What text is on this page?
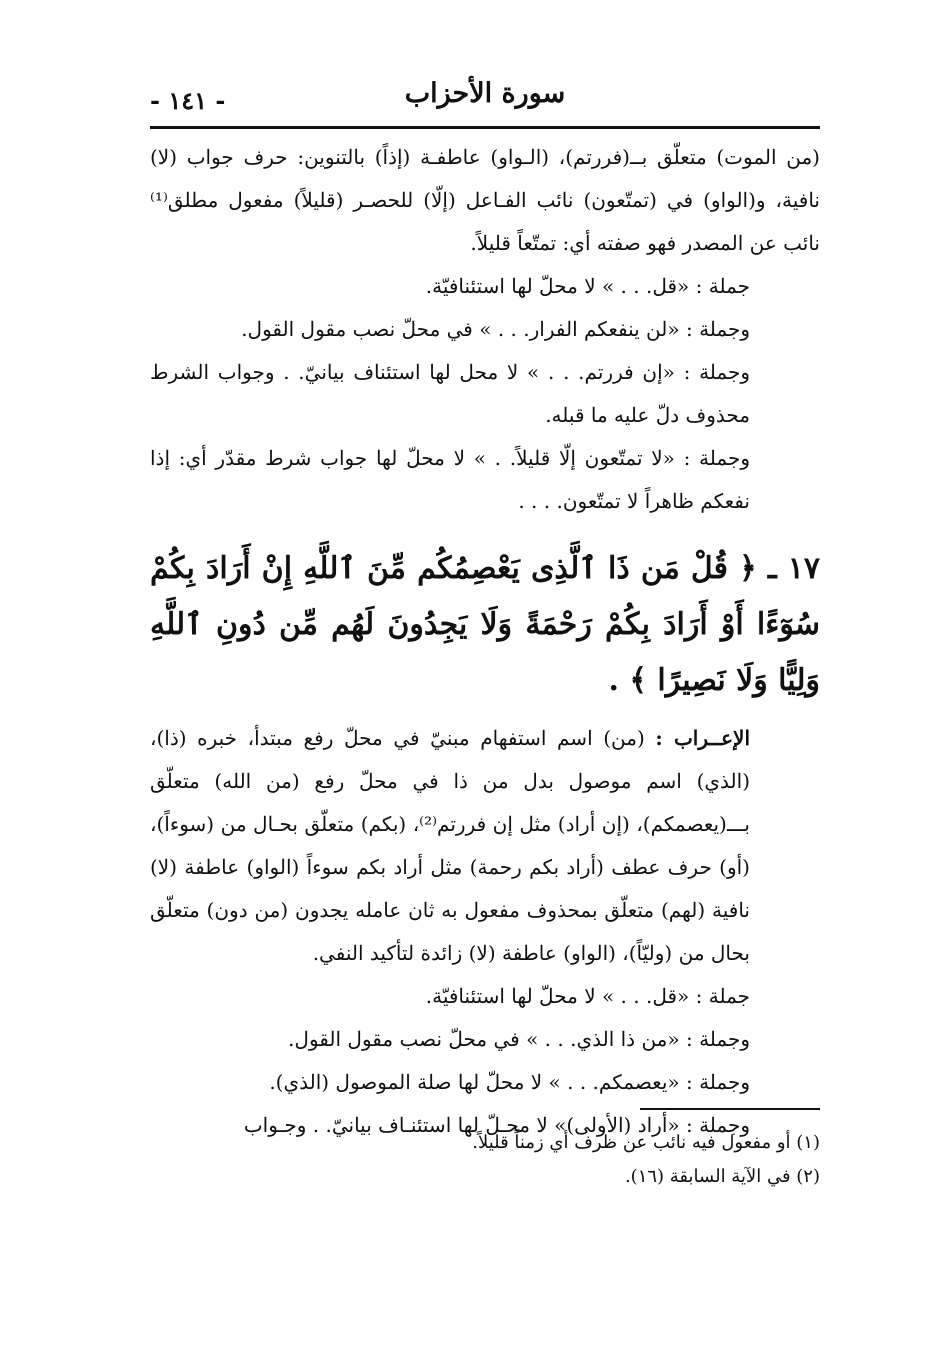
سورة الأحزاب
- ١٤١ -

(من الموت) متعلّق بــ(فررتم)، (الـواو) عاطفـة (إذاً) بالتنوين: حرف جواب (لا) نافية، و(الواو) في (تمتّعون) نائب الفـاعل (إلّا) للحصـر (قليلاً) مفعول مطلق⁽¹⁾ نائب عن المصدر فهو صفته أي: تمتّعاً قليلاً.

جملة : «قل. . . » لا محلّ لها استئنافيّة.

وجملة : «لن ينفعكم الفرار. . . » في محلّ نصب مقول القول.

وجملة : «إن فررتم. . . » لا محل لها استئناف بيانيّ. . وجواب الشرط محذوف دلّ عليه ما قبله.

وجملة : «لا تمتّعون إلّا قليلاً. . » لا محلّ لها جواب شرط مقدّر أي: إذا نفعكم ظاهراً لا تمتّعون. . . .

١٧ ـ ﴿ قُلْ مَن ذَا ٱلَّذِى يَعْصِمُكُم مِّنَ ٱللَّهِ إِنْ أَرَادَ بِكُمْ سُوٓءًا أَوْ أَرَادَ بِكُمْ رَحْمَةً وَلَا يَجِدُونَ لَهُم مِّن دُونِ ٱللَّهِ وَلِيًّا وَلَا نَصِيرًا ﴾ .

الإعــراب : (من) اسم استفهام مبنيّ في محلّ رفع مبتدأ، خبره (ذا)، (الذي) اسم موصول بدل من ذا في محلّ رفع (من الله) متعلّق بـــ(يعصمكم)، (إن أراد) مثل إن فررتم⁽²⁾، (بكم) متعلّق بحـال من (سوءاً)، (أو) حرف عطف (أراد بكم رحمة) مثل أراد بكم سوءاً (الواو) عاطفة (لا) نافية (لهم) متعلّق بمحذوف مفعول به ثان عامله يجدون (من دون) متعلّق بحال من (وليّاً)، (الواو) عاطفة (لا) زائدة لتأكيد النفي.

جملة : «قل. . . » لا محلّ لها استئنافيّة.

وجملة : «من ذا الذي. . . » في محلّ نصب مقول القول.

وجملة : «يعصمكم. . . » لا محلّ لها صلة الموصول (الذي).

وجملة : «أراد (الأولى)» لا محـلّ لها استئنـاف بيانيّ. . وجـواب

(١) أو مفعول فيه نائب عن ظرف أي زمناً قليلاً.

(٢) في الآية السابقة (١٦).
